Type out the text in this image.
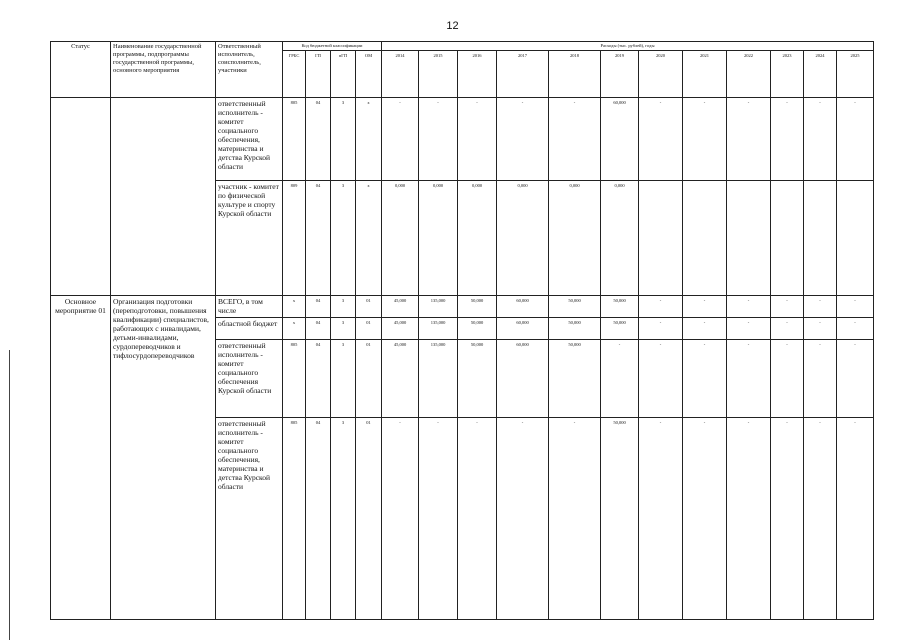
12
Статус	Наименование государственной программы, подпрограммы государственной программы, основного мероприятия	Ответственный исполнитель, соисполнитель, участники	Код бюджетной классификации				Расходы (тыс. рублей), годы											
			ГРБС	ГП	пГП	ОМ	2014	2015	2016	2017	2018	2019	2020	2021	2022	2023	2024	2025
		ответственный исполнитель - комитет социального обеспечения, материнства и детства Курской области	805	04	3	х	-	-	-	-	-	60,000	-	-	-	-	-	-
		участник - комитет по физической культуре и спорту Курской области	809	04	3	х	0,000	0,000	0,000	0,000	0,000	0,000						
Основное мероприятие 01	Организация подготовки (переподготовки, повышения квалификации) специалистов, работающих с инвалидами, детьми-инвалидами, сурдопереводчиков и тифлосурдопереводчиков	ВСЕГО, в том числе	х	04	3	01	45,000	135,000	50,000	60,000	50,000	50,000	-	-	-	-	-	-
		областной бюджет	х	04	3	01	45,000	135,000	50,000	60,000	50,000	50,000	-	-	-	-	-	-
		ответственный исполнитель - комитет социального обеспечения Курской области	805	04	3	01	45,000	135,000	50,000	60,000	50,000	-	-	-	-	-	-	-
		ответственный исполнитель - комитет социального обеспечения, материнства и детства Курской области	805	04	3	01	-	-	-	-	-	50,000	-	-	-	-	-	-
